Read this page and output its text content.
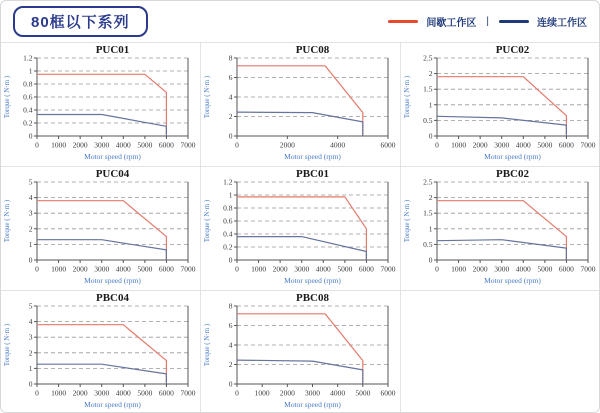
80框以下系列	间歇工作区 |	连续工作区
PUC01
0
0.2
0.4
0.6
0.8
1
1.2
0 1000 2000 3000 4000 5000 6000 7000
Motor speed (rpm)
Torque ( N·m )
PUC08
0
2
4
6
8
0	2000	4000	6000
Motor speed (rpm)
Torque ( N·m )
PUC02
0
0.5
1
1.5
2
2.5
0 1000 2000 3000 4000 5000 6000 7000
Motor speed (rpm)
Torque ( N·m )
PUC04
0
1
2
3
4
5
0 1000 2000 3000 4000 5000 6000 7000
Motor speed (rpm)
Torque ( N·m )
PBC01
0
0.2
0.4
0.6
0.8
1
1.2
0 1000 2000 3000 4000 5000 6000 7000
Motor speed (rpm)
Torque ( N·m )
PBC02
0
0.5
1
1.5
2
2.5
0 1000 2000 3000 4000 5000 6000 7000
Motor speed (rpm)
Torque ( N·m )
PBC04
0
1
2
3
4
5
0 1000 2000 3000 4000 5000 6000 7000
Motor speed (rpm)
Torque ( N·m )
PBC08
0
2
4
6
8
0 1000 2000 3000 4000 5000 6000
Motor speed (rpm)
Torque ( N·m )
